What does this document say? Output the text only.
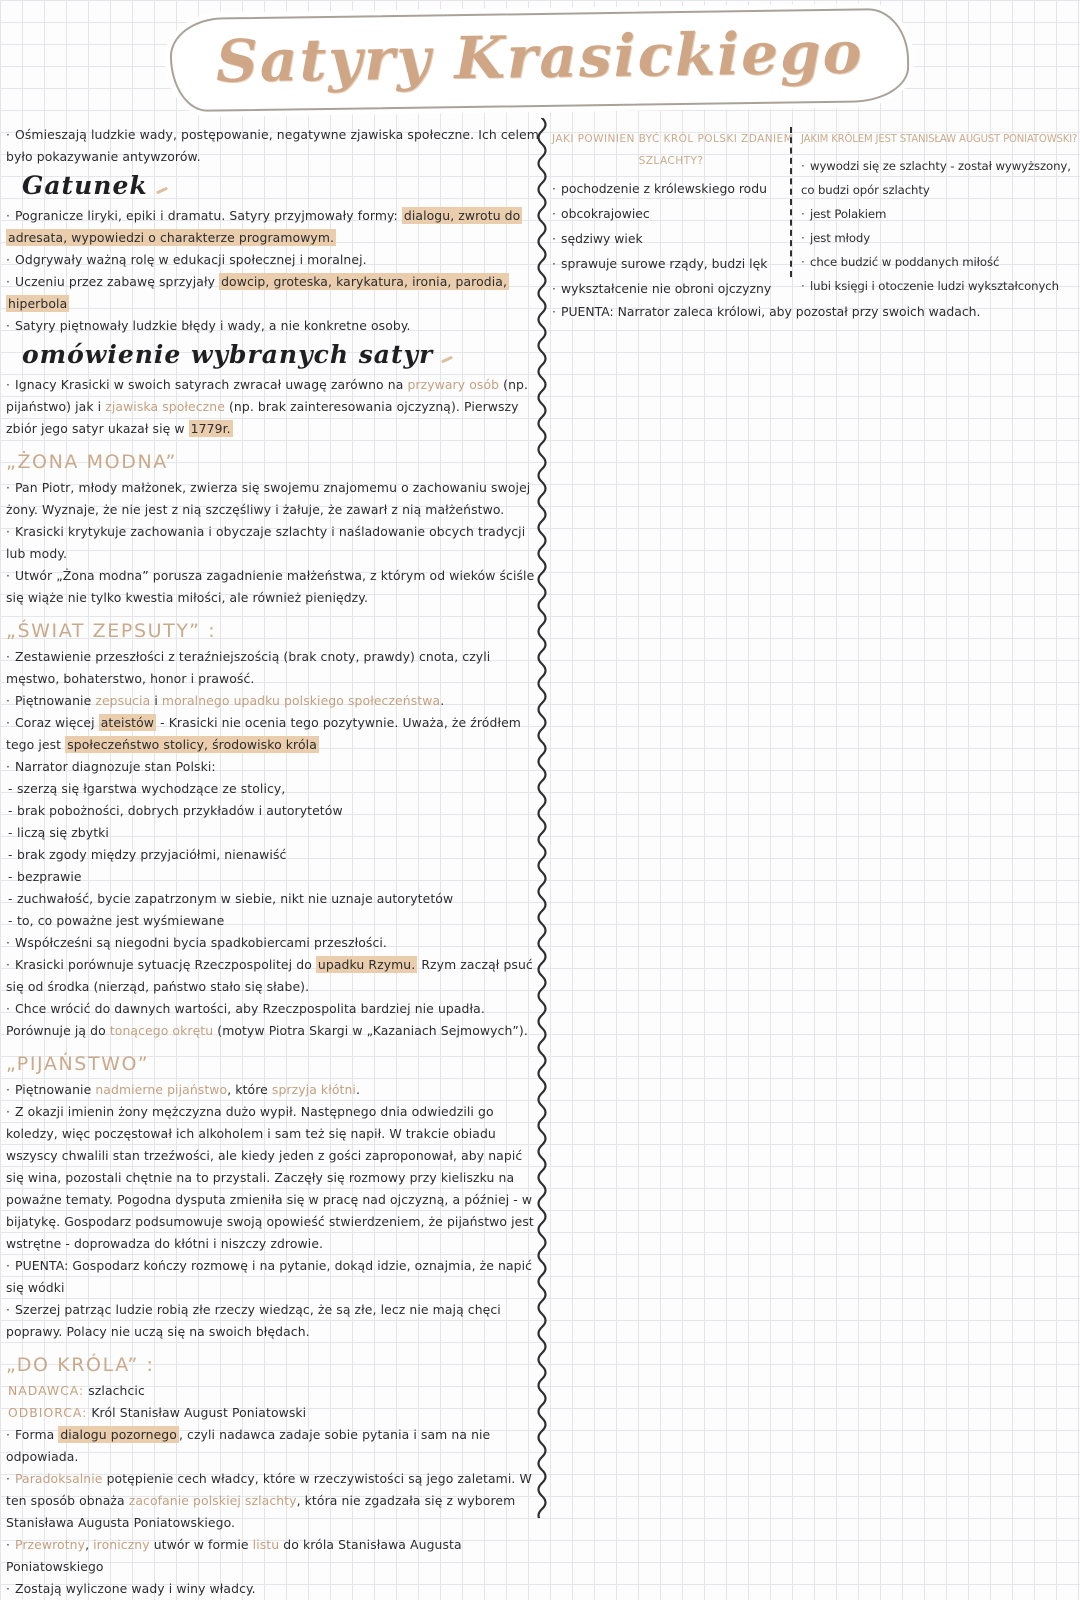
Satyry Krasickiego
· Ośmieszają ludzkie wady, postępowanie, negatywne zjawiska społeczne. Ich celem było pokazywanie antywzorów.
Gatunek
· Pogranicze liryki, epiki i dramatu. Satyry przyjmowały formy: dialogu, zwrotu do adresata, wypowiedzi o charakterze programowym.
· Odgrywały ważną rolę w edukacji społecznej i moralnej.
· Uczeniu przez zabawę sprzyjały dowcip, groteska, karykatura, ironia, parodia, hiperbola
· Satyry piętnowały ludzkie błędy i wady, a nie konkretne osoby.
omówienie wybranych satyr
· Ignacy Krasicki w swoich satyrach zwracał uwagę zarówno na przywary osób (np. pijaństwo) jak i zjawiska społeczne (np. brak zainteresowania ojczyzną). Pierwszy zbiór jego satyr ukazał się w 1779r.
„ŻONA MODNA”
· Pan Piotr, młody małżonek, zwierza się swojemu znajomemu o zachowaniu swojej żony. Wyznaje, że nie jest z nią szczęśliwy i żałuje, że zawarł z nią małżeństwo.
· Krasicki krytykuje zachowania i obyczaje szlachty i naśladowanie obcych tradycji lub mody.
· Utwór „Żona modna” porusza zagadnienie małżeństwa, z którym od wieków ściśle się wiąże nie tylko kwestia miłości, ale również pieniędzy.
„ŚWIAT ZEPSUTY” :
· Zestawienie przeszłości z teraźniejszością (brak cnoty, prawdy) cnota, czyli męstwo, bohaterstwo, honor i prawość.
· Piętnowanie zepsucia i moralnego upadku polskiego społeczeństwa.
· Coraz więcej ateistów - Krasicki nie ocenia tego pozytywnie. Uważa, że źródłem tego jest społeczeństwo stolicy, środowisko króla
· Narrator diagnozuje stan Polski:
- szerzą się łgarstwa wychodzące ze stolicy,
- brak pobożności, dobrych przykładów i autorytetów
- liczą się zbytki
- brak zgody między przyjaciółmi, nienawiść
- bezprawie
- zuchwałość, bycie zapatrzonym w siebie, nikt nie uznaje autorytetów
- to, co poważne jest wyśmiewane
· Współcześni są niegodni bycia spadkobiercami przeszłości.
· Krasicki porównuje sytuację Rzeczpospolitej do upadku Rzymu. Rzym zaczął psuć się od środka (nierząd, państwo stało się słabe).
· Chce wrócić do dawnych wartości, aby Rzeczpospolita bardziej nie upadła. Porównuje ją do tonącego okrętu (motyw Piotra Skargi w „Kazaniach Sejmowych”).
„PIJAŃSTWO”
· Piętnowanie nadmierne pijaństwo, które sprzyja kłótni.
· Z okazji imienin żony mężczyzna dużo wypił. Następnego dnia odwiedzili go koledzy, więc poczęstował ich alkoholem i sam też się napił. W trakcie obiadu wszyscy chwalili stan trzeźwości, ale kiedy jeden z gości zaproponował, aby napić się wina, pozostali chętnie na to przystali. Zaczęły się rozmowy przy kieliszku na poważne tematy. Pogodna dysputa zmieniła się w pracę nad ojczyzną, a później - w bijatykę. Gospodarz podsumowuje swoją opowieść stwierdzeniem, że pijaństwo jest wstrętne - doprowadza do kłótni i niszczy zdrowie.
· PUENTA: Gospodarz kończy rozmowę i na pytanie, dokąd idzie, oznajmia, że napić się wódki
· Szerzej patrząc ludzie robią złe rzeczy wiedząc, że są złe, lecz nie mają chęci poprawy. Polacy nie uczą się na swoich błędach.
„DO KRÓLA” :
NADAWCA: szlachcic
ODBIORCA: Król Stanisław August Poniatowski
· Forma dialogu pozornego , czyli nadawca zadaje sobie pytania i sam na nie odpowiada.
· Paradoksalnie potępienie cech władcy, które w rzeczywistości są jego zaletami. W ten sposób obnaża zacofanie polskiej szlachty, która nie zgadzała się z wyborem Stanisława Augusta Poniatowskiego.
· Przewrotny, ironiczny utwór w formie listu do króla Stanisława Augusta Poniatowskiego
· Zostają wyliczone wady i winy władcy.
JAKI POWINIEN BYĆ KRÓL POLSKI ZDANIEM
SZLACHTY?
· pochodzenie z królewskiego rodu
· obcokrajowiec
· sędziwy wiek
· sprawuje surowe rządy, budzi lęk
· wykształcenie nie obroni ojczyzny
JAKIM KRÓLEM JEST STANISŁAW AUGUST PONIATOWSKI?
· wywodzi się ze szlachty - został wywyższony, co budzi opór szlachty
· jest Polakiem
· jest młody
· chce budzić w poddanych miłość
· lubi księgi i otoczenie ludzi wykształconych
· PUENTA: Narrator zaleca królowi, aby pozostał przy swoich wadach.
